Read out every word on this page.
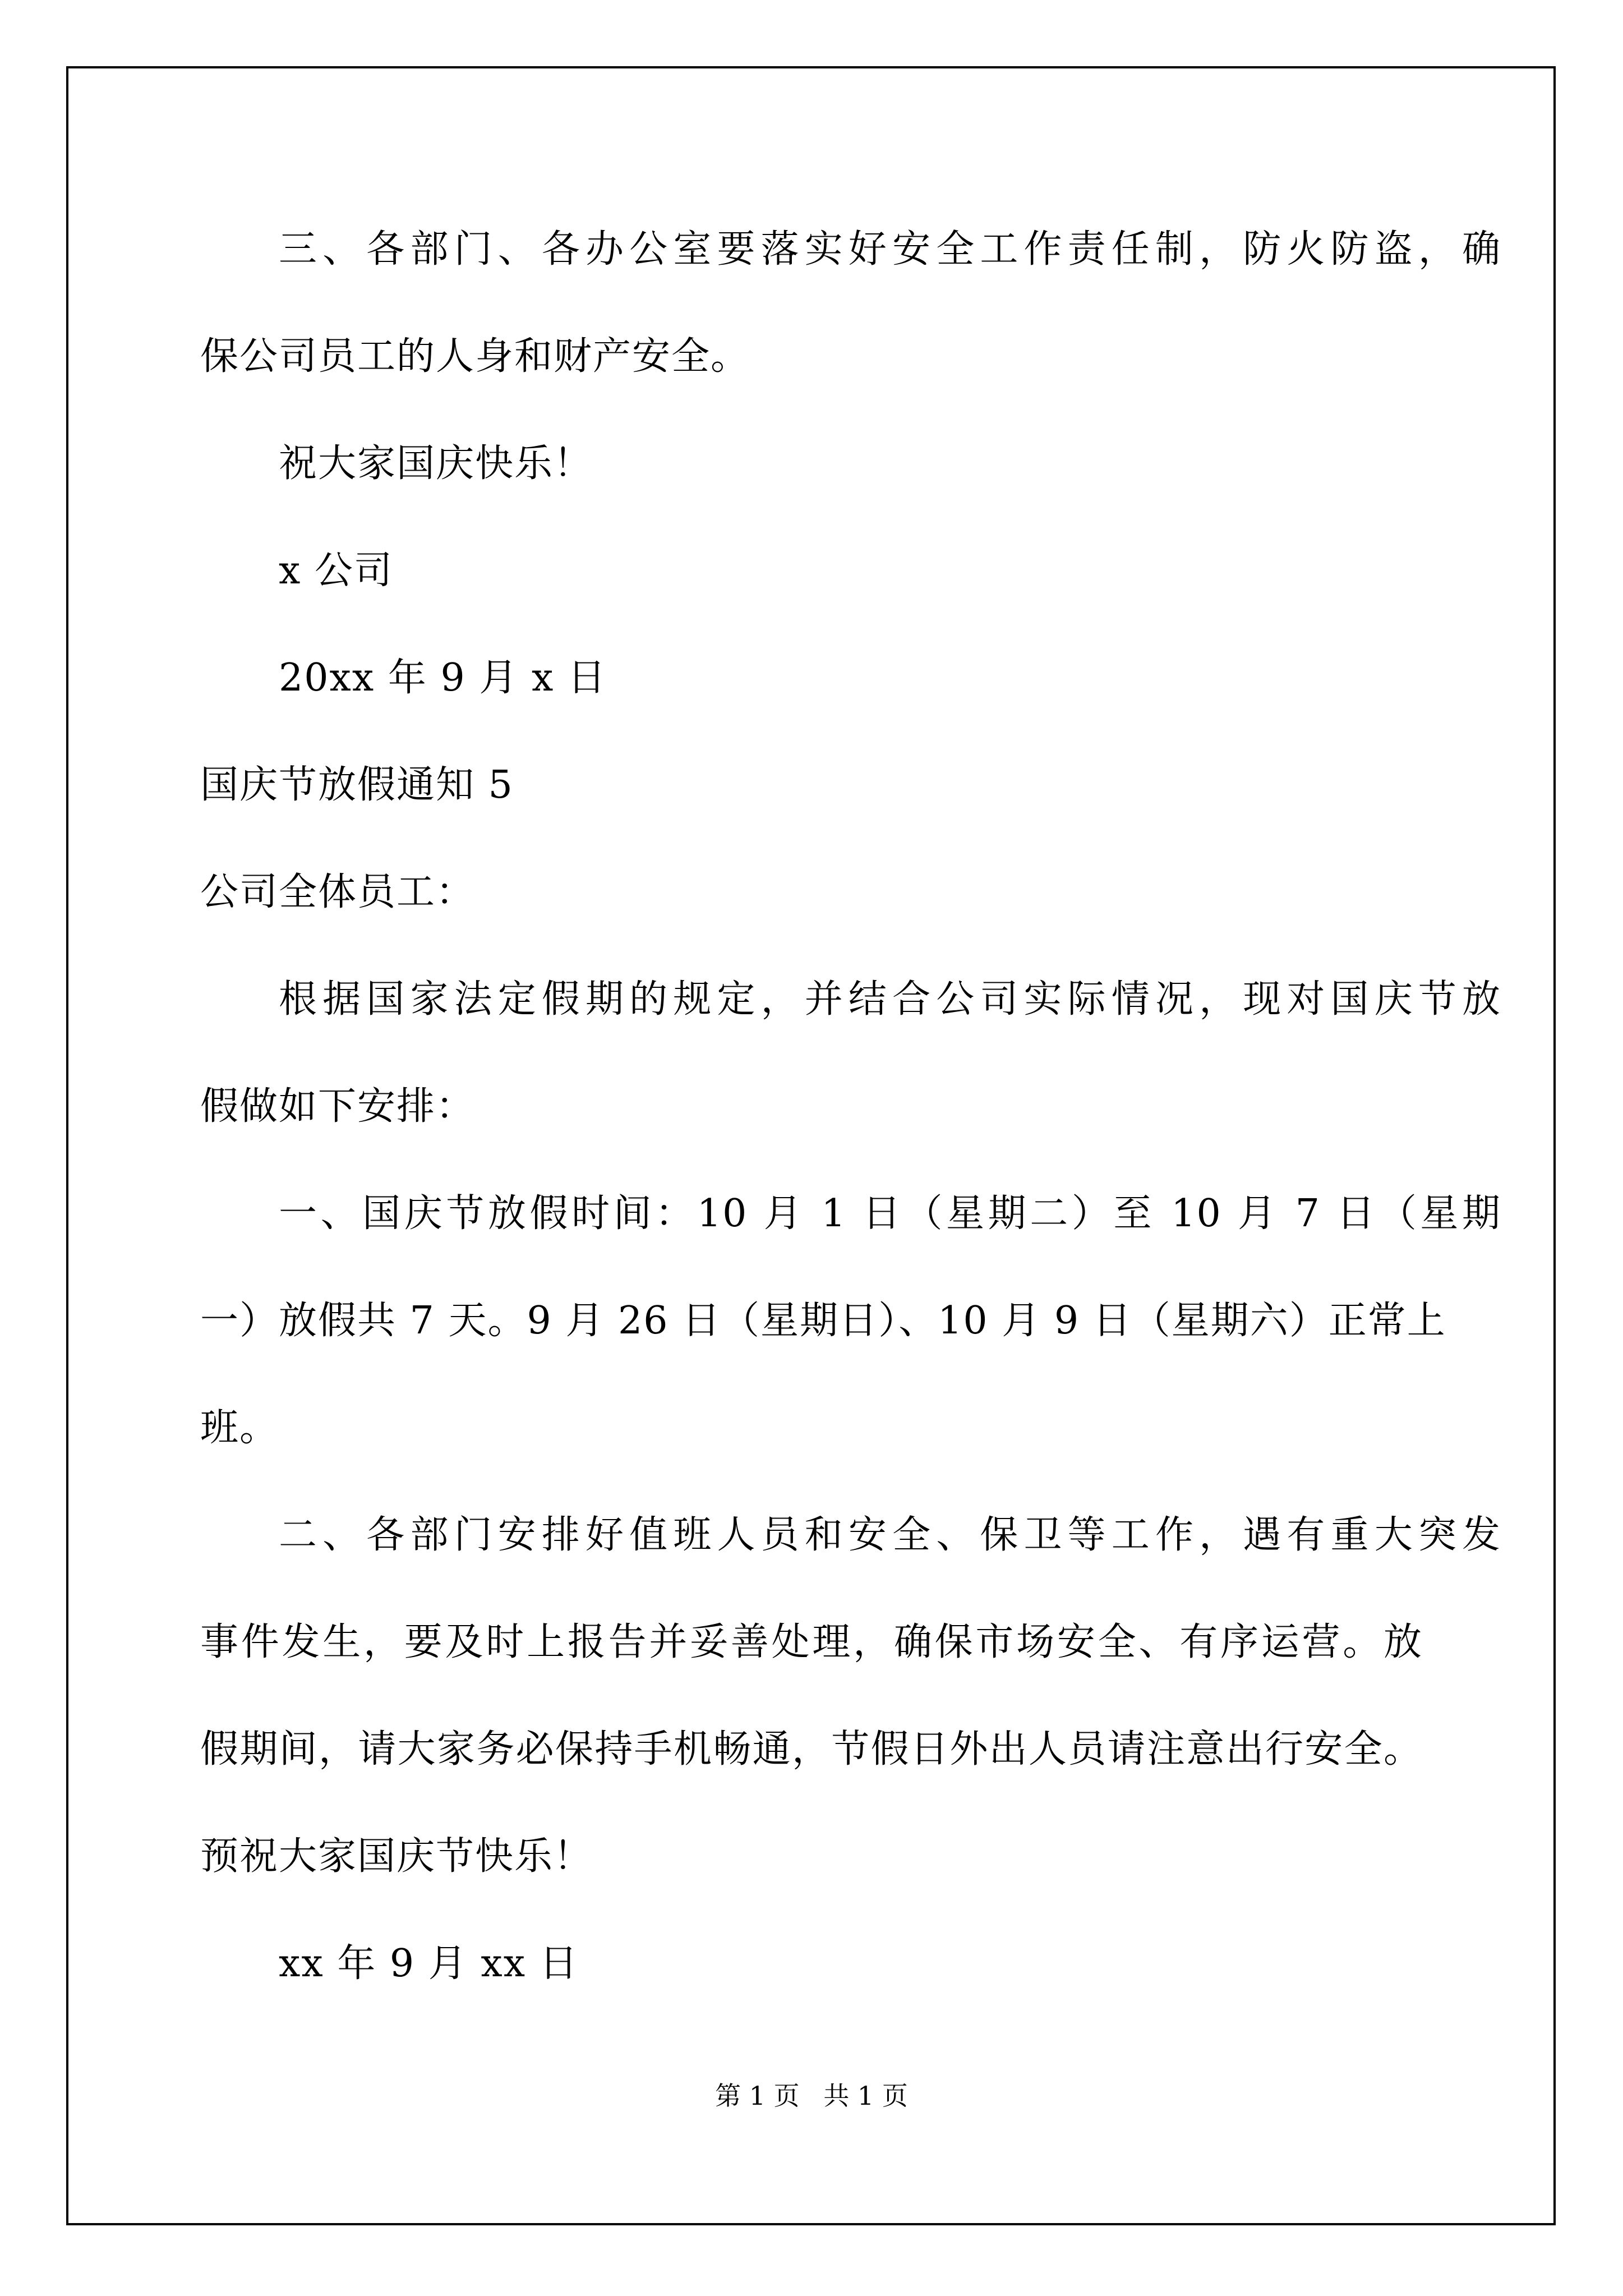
三、各部门、各办公室要落实好安全工作责任制，防火防盗，确
保公司员工的人身和财产安全。
祝大家国庆快乐！
x 公司
20xx 年 9 月 x 日
国庆节放假通知 5
公司全体员工：
根据国家法定假期的规定，并结合公司实际情况，现对国庆节放
假做如下安排：
一、国庆节放假时间：10 月 1 日（星期二）至 10 月 7 日（星期
一）放假共 7 天。9 月 26 日（星期日）、10 月 9 日（星期六）正常上
班。
二、各部门安排好值班人员和安全、保卫等工作，遇有重大突发
事件发生，要及时上报告并妥善处理，确保市场安全、有序运营。放
假期间，请大家务必保持手机畅通，节假日外出人员请注意出行安全。
预祝大家国庆节快乐！
xx 年 9 月 xx 日
第 1 页 共 1 页
